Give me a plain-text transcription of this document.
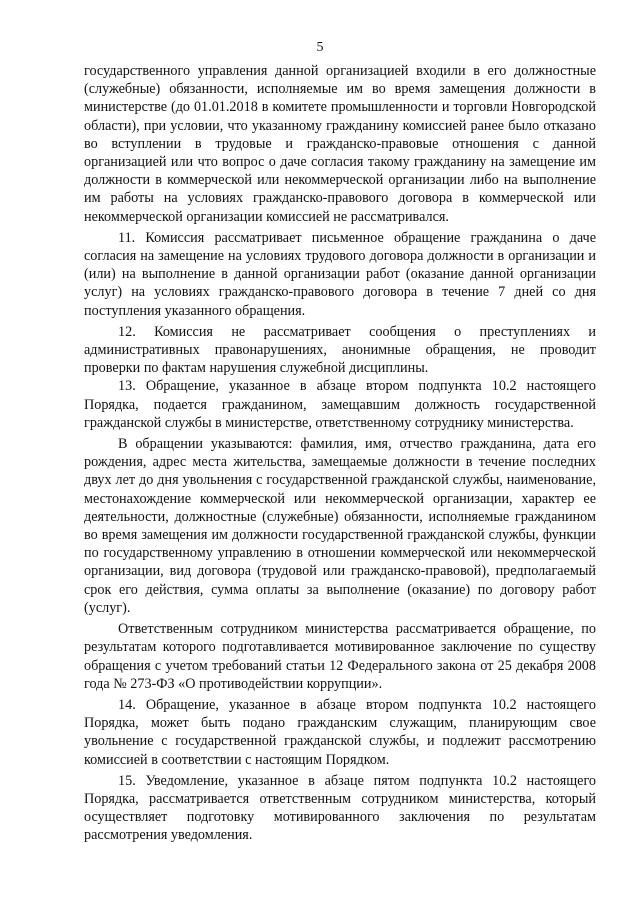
5

государственного управления данной организацией входили в его должностные (служебные) обязанности, исполняемые им во время замещения должности в министерстве (до 01.01.2018 в комитете промышленности и торговли Новгородской области), при условии, что указанному гражданину комиссией ранее было отказано во вступлении в трудовые и гражданско-правовые отношения с данной организацией или что вопрос о даче согласия такому гражданину на замещение им должности в коммерческой или некоммерческой организации либо на выполнение им работы на условиях гражданско-правового договора в коммерческой или некоммерческой организации комиссией не рассматривался.

11. Комиссия рассматривает письменное обращение гражданина о даче согласия на замещение на условиях трудового договора должности в организации и (или) на выполнение в данной организации работ (оказание данной организации услуг) на условиях гражданско-правового договора в течение 7 дней со дня поступления указанного обращения.

12. Комиссия не рассматривает сообщения о преступлениях и административных правонарушениях, анонимные обращения, не проводит проверки по фактам нарушения служебной дисциплины.

13. Обращение, указанное в абзаце втором подпункта 10.2 настоящего Порядка, подается гражданином, замещавшим должность государственной гражданской службы в министерстве, ответственному сотруднику министерства.

В обращении указываются: фамилия, имя, отчество гражданина, дата его рождения, адрес места жительства, замещаемые должности в течение последних двух лет до дня увольнения с государственной гражданской службы, наименование, местонахождение коммерческой или некоммерческой организации, характер ее деятельности, должностные (служебные) обязанности, исполняемые гражданином во время замещения им должности государственной гражданской службы, функции по государственному управлению в отношении коммерческой или некоммерческой организации, вид договора (трудовой или гражданско-правовой), предполагаемый срок его действия, сумма оплаты за выполнение (оказание) по договору работ (услуг).

Ответственным сотрудником министерства рассматривается обращение, по результатам которого подготавливается мотивированное заключение по существу обращения с учетом требований статьи 12 Федерального закона от 25 декабря 2008 года № 273-ФЗ «О противодействии коррупции».

14. Обращение, указанное в абзаце втором подпункта 10.2 настоящего Порядка, может быть подано гражданским служащим, планирующим свое увольнение с государственной гражданской службы, и подлежит рассмотрению комиссией в соответствии с настоящим Порядком.

15. Уведомление, указанное в абзаце пятом подпункта 10.2 настоящего Порядка, рассматривается ответственным сотрудником министерства, который осуществляет подготовку мотивированного заключения по результатам рассмотрения уведомления.
